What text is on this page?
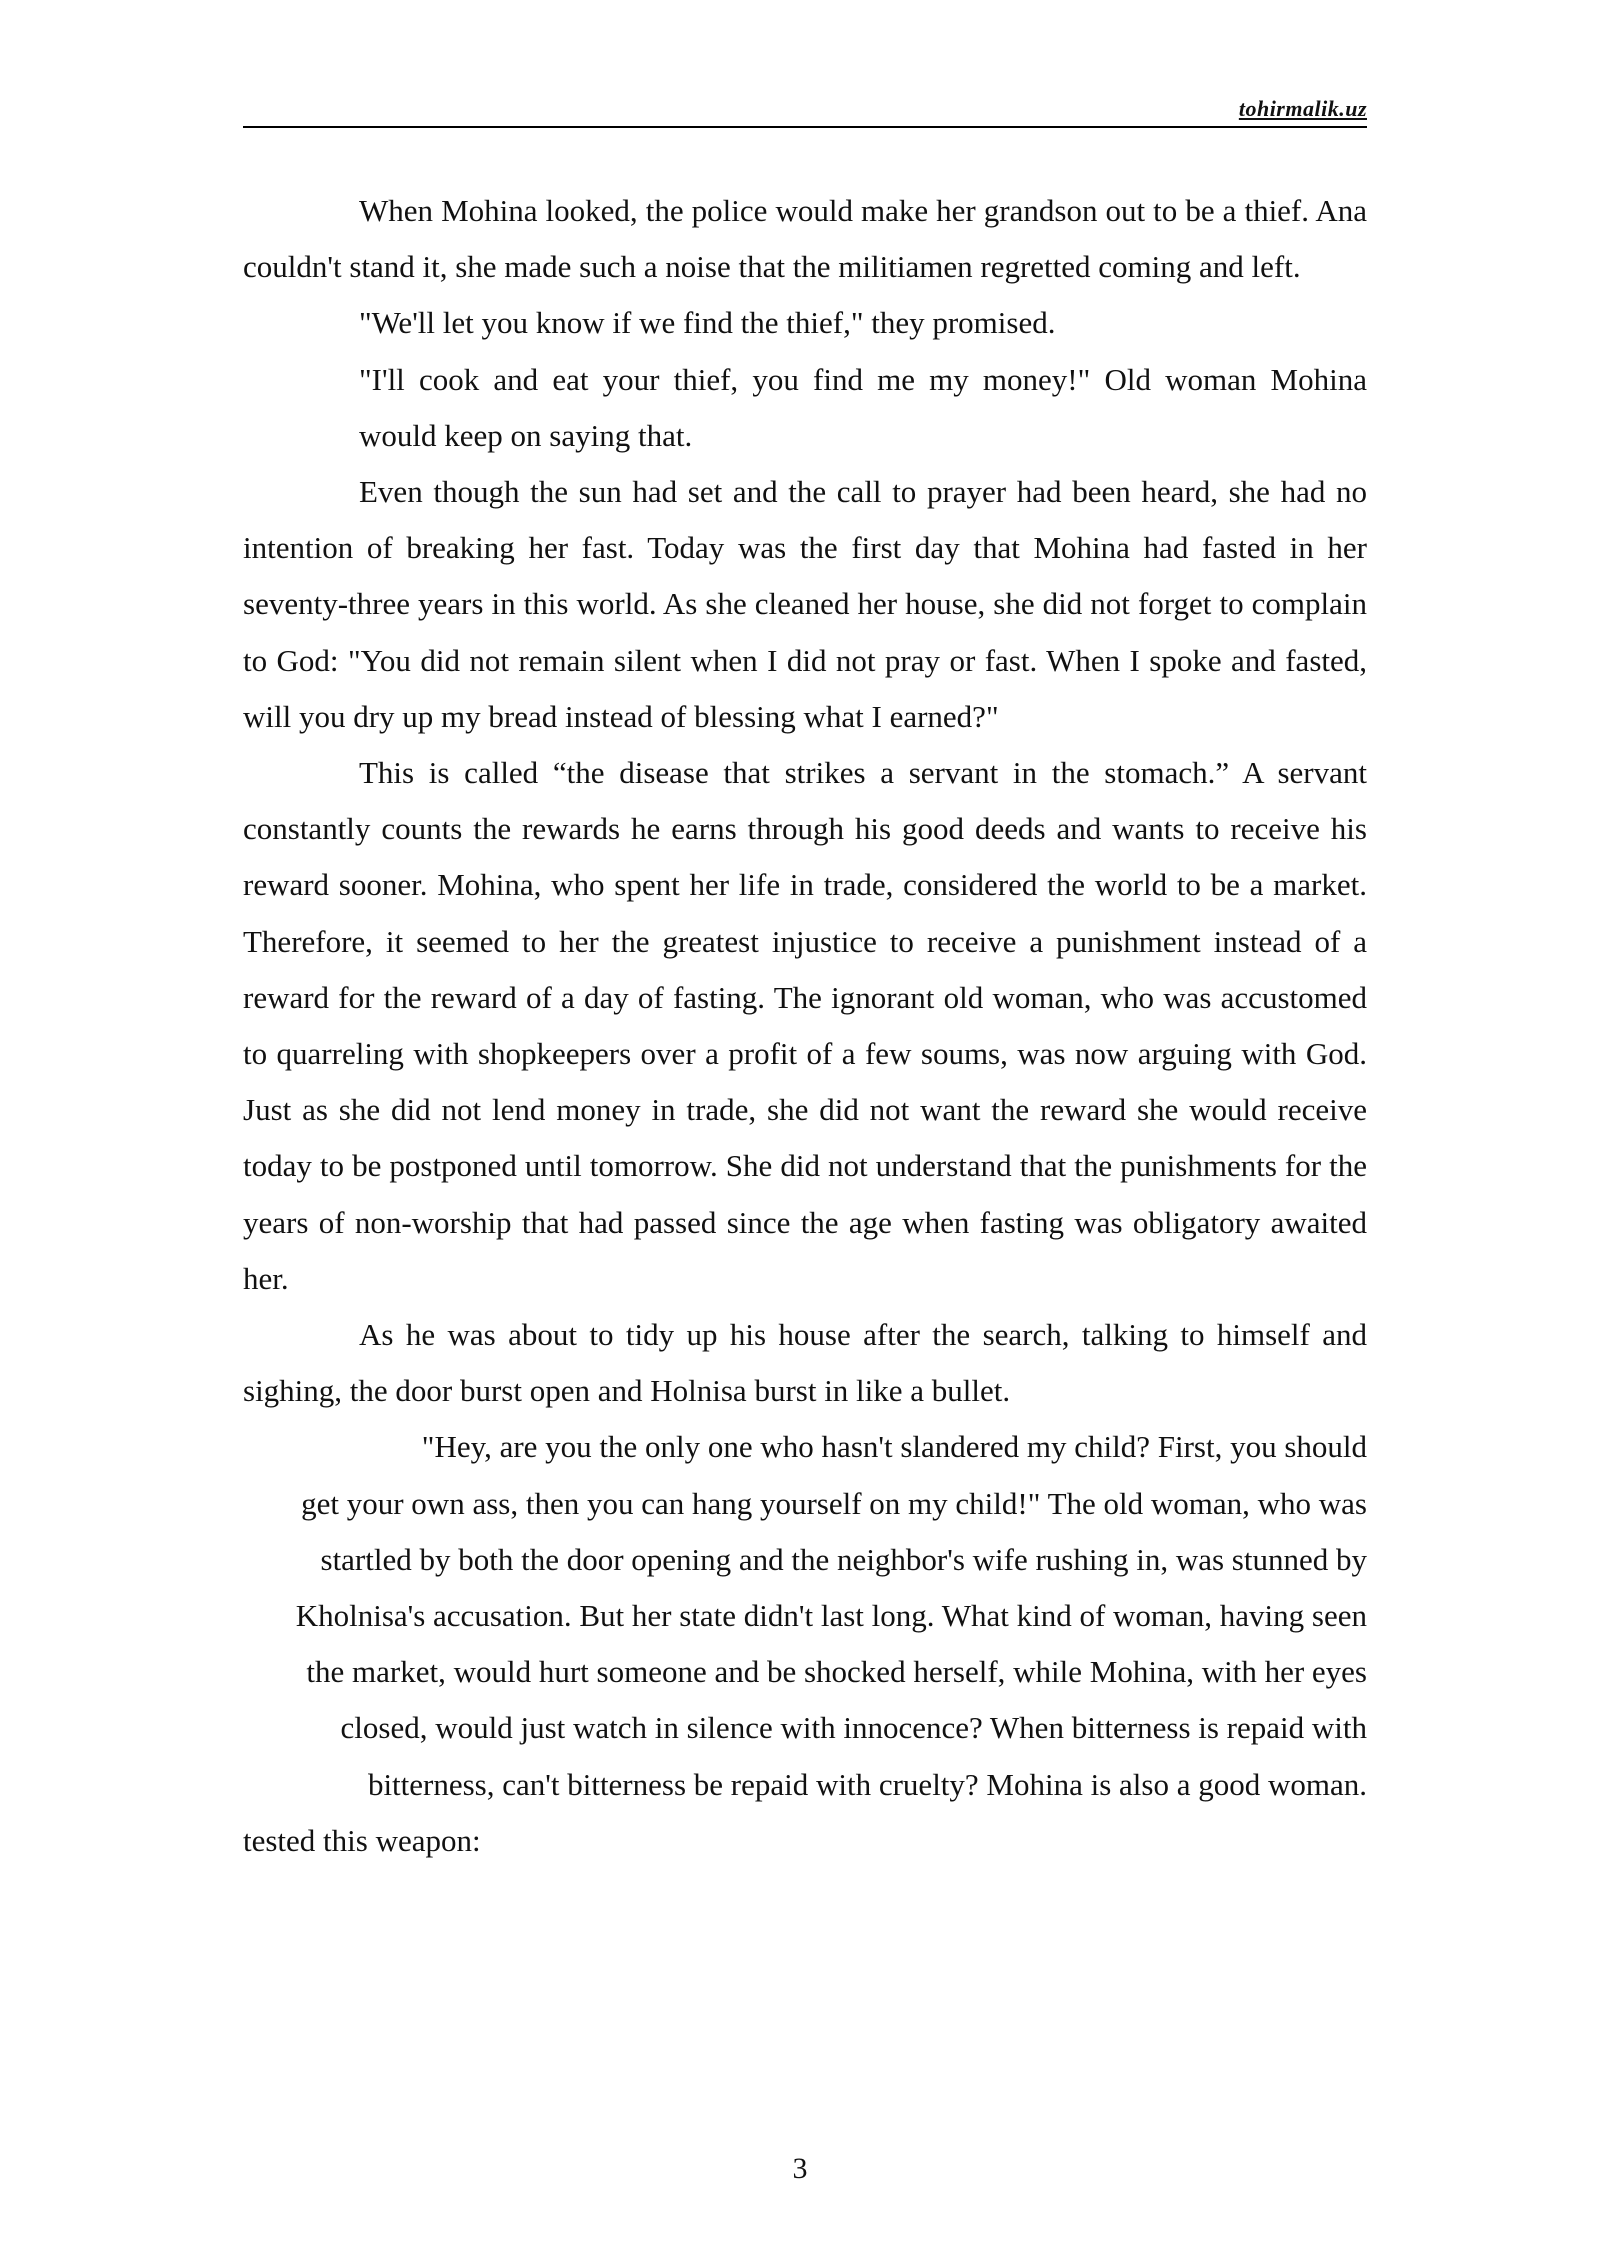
tohirmalik.uz

When Mohina looked, the police would make her grandson out to be a thief. Ana couldn't stand it, she made such a noise that the militiamen regretted coming and left.

"We'll let you know if we find the thief," they promised.

"I'll cook and eat your thief, you find me my money!" Old woman Mohina would keep on saying that.

Even though the sun had set and the call to prayer had been heard, she had no intention of breaking her fast. Today was the first day that Mohina had fasted in her seventy-three years in this world. As she cleaned her house, she did not forget to complain to God: "You did not remain silent when I did not pray or fast. When I spoke and fasted, will you dry up my bread instead of blessing what I earned?"

This is called “the disease that strikes a servant in the stomach.” A servant constantly counts the rewards he earns through his good deeds and wants to receive his reward sooner. Mohina, who spent her life in trade, considered the world to be a market. Therefore, it seemed to her the greatest injustice to receive a punishment instead of a reward for the reward of a day of fasting. The ignorant old woman, who was accustomed to quarreling with shopkeepers over a profit of a few soums, was now arguing with God. Just as she did not lend money in trade, she did not want the reward she would receive today to be postponed until tomorrow. She did not understand that the punishments for the years of non-worship that had passed since the age when fasting was obligatory awaited her.

As he was about to tidy up his house after the search, talking to himself and sighing, the door burst open and Holnisa burst in like a bullet.

"Hey, are you the only one who hasn't slandered my child? First, you should
get your own ass, then you can hang yourself on my child!" The old woman, who was
startled by both the door opening and the neighbor's wife rushing in, was stunned by
Kholnisa's accusation. But her state didn't last long. What kind of woman, having seen
the market, would hurt someone and be shocked herself, while Mohina, with her eyes
closed, would just watch in silence with innocence? When bitterness is repaid with
bitterness, can't bitterness be repaid with cruelty? Mohina is also a good woman.

tested this weapon:

3
